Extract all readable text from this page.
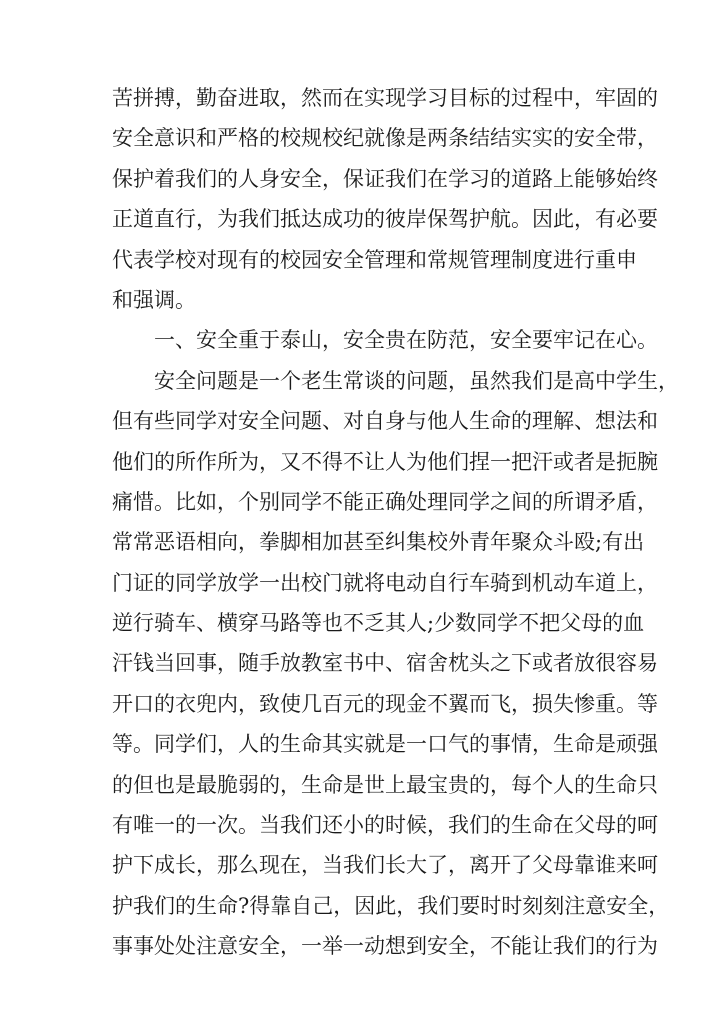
苦拼搏，勤奋进取，然而在实现学习目标的过程中，牢固的
安全意识和严格的校规校纪就像是两条结结实实的安全带，
保护着我们的人身安全，保证我们在学习的道路上能够始终
正道直行，为我们抵达成功的彼岸保驾护航。因此，有必要
代表学校对现有的校园安全管理和常规管理制度进行重申
和强调。
　　一、安全重于泰山，安全贵在防范，安全要牢记在心。
　　安全问题是一个老生常谈的问题，虽然我们是高中学生，
但有些同学对安全问题、对自身与他人生命的理解、想法和
他们的所作所为，又不得不让人为他们捏一把汗或者是扼腕
痛惜。比如，个别同学不能正确处理同学之间的所谓矛盾，
常常恶语相向，拳脚相加甚至纠集校外青年聚众斗殴;有出
门证的同学放学一出校门就将电动自行车骑到机动车道上，
逆行骑车、横穿马路等也不乏其人;少数同学不把父母的血
汗钱当回事，随手放教室书中、宿舍枕头之下或者放很容易
开口的衣兜内，致使几百元的现金不翼而飞，损失惨重。等
等。同学们，人的生命其实就是一口气的事情，生命是顽强
的但也是最脆弱的，生命是世上最宝贵的，每个人的生命只
有唯一的一次。当我们还小的时候，我们的生命在父母的呵
护下成长，那么现在，当我们长大了，离开了父母靠谁来呵
护我们的生命?得靠自己，因此，我们要时时刻刻注意安全，
事事处处注意安全，一举一动想到安全，不能让我们的行为
